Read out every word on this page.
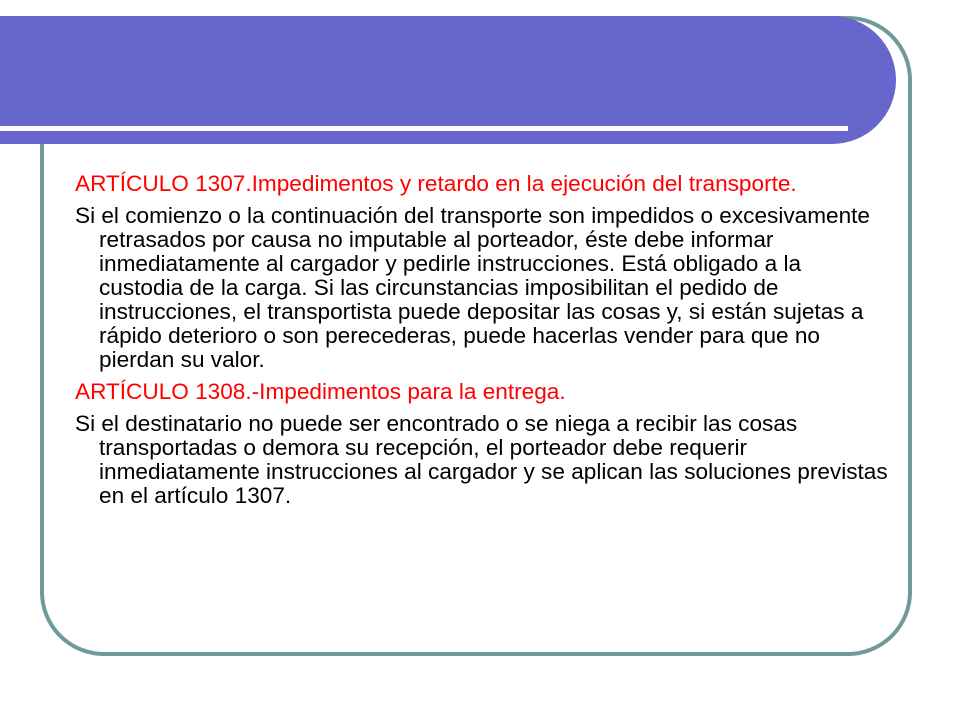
ARTÍCULO 1307.Impedimentos y retardo en la ejecución del transporte.

Si el comienzo o la continuación del transporte son impedidos o excesivamente retrasados por causa no imputable al porteador, éste debe informar inmediatamente al cargador y pedirle instrucciones. Está obligado a la custodia de la carga. Si las circunstancias imposibilitan el pedido de instrucciones, el transportista puede depositar las cosas y, si están sujetas a rápido deterioro o son perecederas, puede hacerlas vender para que no pierdan su valor.

ARTÍCULO 1308.-Impedimentos para la entrega.

Si el destinatario no puede ser encontrado o se niega a recibir las cosas transportadas o demora su recepción, el porteador debe requerir inmediatamente instrucciones al cargador y se aplican las soluciones previstas en el artículo 1307.
